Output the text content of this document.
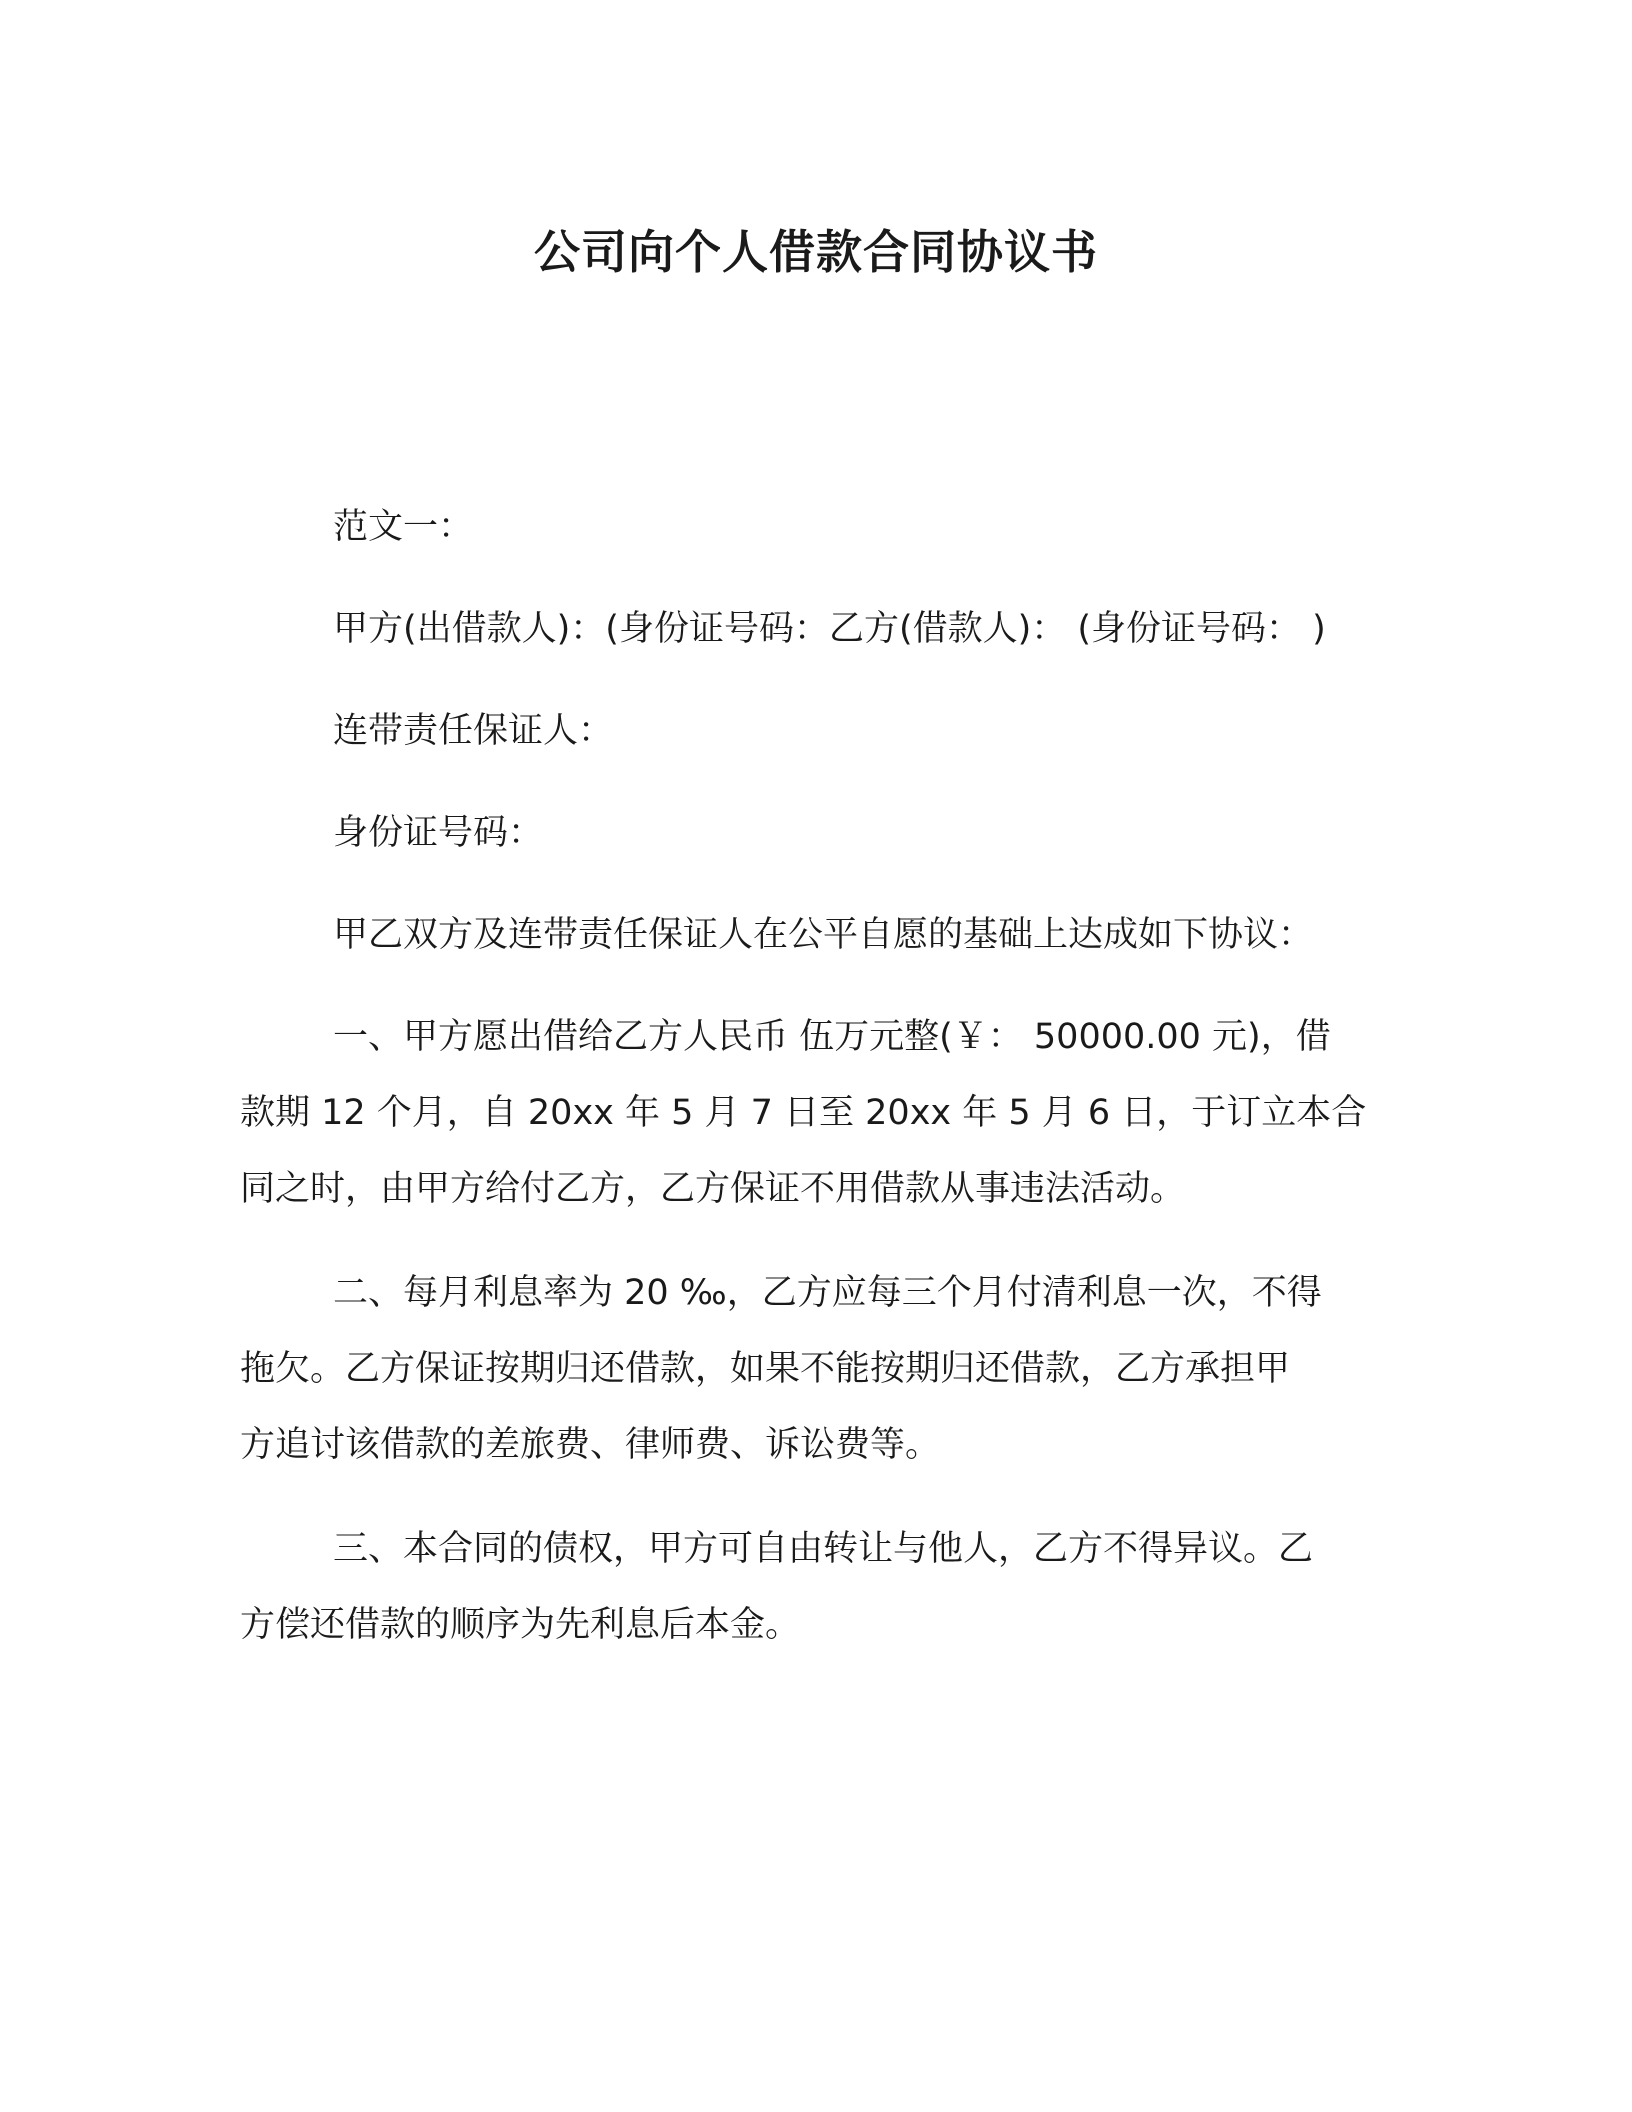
公司向个人借款合同协议书
范文一：
甲方(出借款人)：(身份证号码：乙方(借款人)： (身份证号码： )
连带责任保证人：
身份证号码：
甲乙双方及连带责任保证人在公平自愿的基础上达成如下协议：
一、甲方愿出借给乙方人民币 伍万元整(￥： 50000.00 元)，借
款期 12 个月，自 20xx 年 5 月 7 日至 20xx 年 5 月 6 日，于订立本合
同之时，由甲方给付乙方，乙方保证不用借款从事违法活动。
二、每月利息率为 20 ‰，乙方应每三个月付清利息一次，不得
拖欠。乙方保证按期归还借款，如果不能按期归还借款，乙方承担甲
方追讨该借款的差旅费、律师费、诉讼费等。
三、本合同的债权，甲方可自由转让与他人，乙方不得异议。乙
方偿还借款的顺序为先利息后本金。
